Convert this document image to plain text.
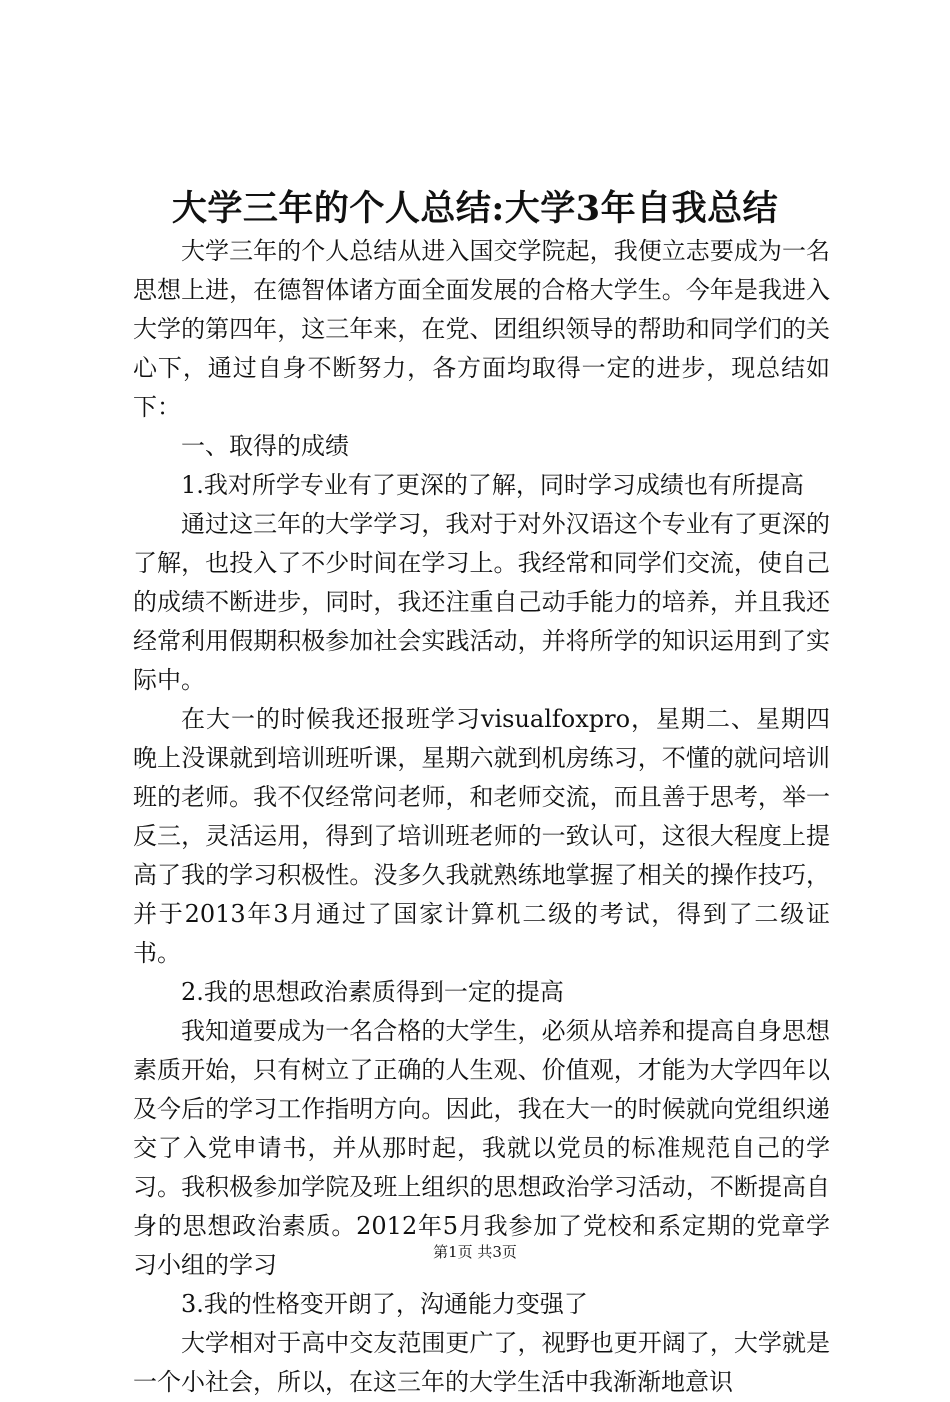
大学三年的个人总结:大学3年自我总结

大学三年的个人总结从进入国交学院起，我便立志要成为一名思想上进，在德智体诸方面全面发展的合格大学生。今年是我进入大学的第四年，这三年来，在党、团组织领导的帮助和同学们的关心下，通过自身不断努力，各方面均取得一定的进步，现总结如下：

一、取得的成绩

1.我对所学专业有了更深的了解，同时学习成绩也有所提高

通过这三年的大学学习，我对于对外汉语这个专业有了更深的了解，也投入了不少时间在学习上。我经常和同学们交流，使自己的成绩不断进步，同时，我还注重自己动手能力的培养，并且我还经常利用假期积极参加社会实践活动，并将所学的知识运用到了实际中。

在大一的时候我还报班学习visualfoxpro，星期二、星期四晚上没课就到培训班听课，星期六就到机房练习，不懂的就问培训班的老师。我不仅经常问老师，和老师交流，而且善于思考，举一反三，灵活运用，得到了培训班老师的一致认可，这很大程度上提高了我的学习积极性。没多久我就熟练地掌握了相关的操作技巧，并于2013年3月通过了国家计算机二级的考试，得到了二级证书。

2.我的思想政治素质得到一定的提高

我知道要成为一名合格的大学生，必须从培养和提高自身思想素质开始，只有树立了正确的人生观、价值观，才能为大学四年以及今后的学习工作指明方向。因此，我在大一的时候就向党组织递交了入党申请书，并从那时起，我就以党员的标准规范自己的学习。我积极参加学院及班上组织的思想政治学习活动，不断提高自身的思想政治素质。2012年5月我参加了党校和系定期的党章学习小组的学习

3.我的性格变开朗了，沟通能力变强了

大学相对于高中交友范围更广了，视野也更开阔了，大学就是一个小社会，所以，在这三年的大学生活中我渐渐地意识

第1页 共3页
